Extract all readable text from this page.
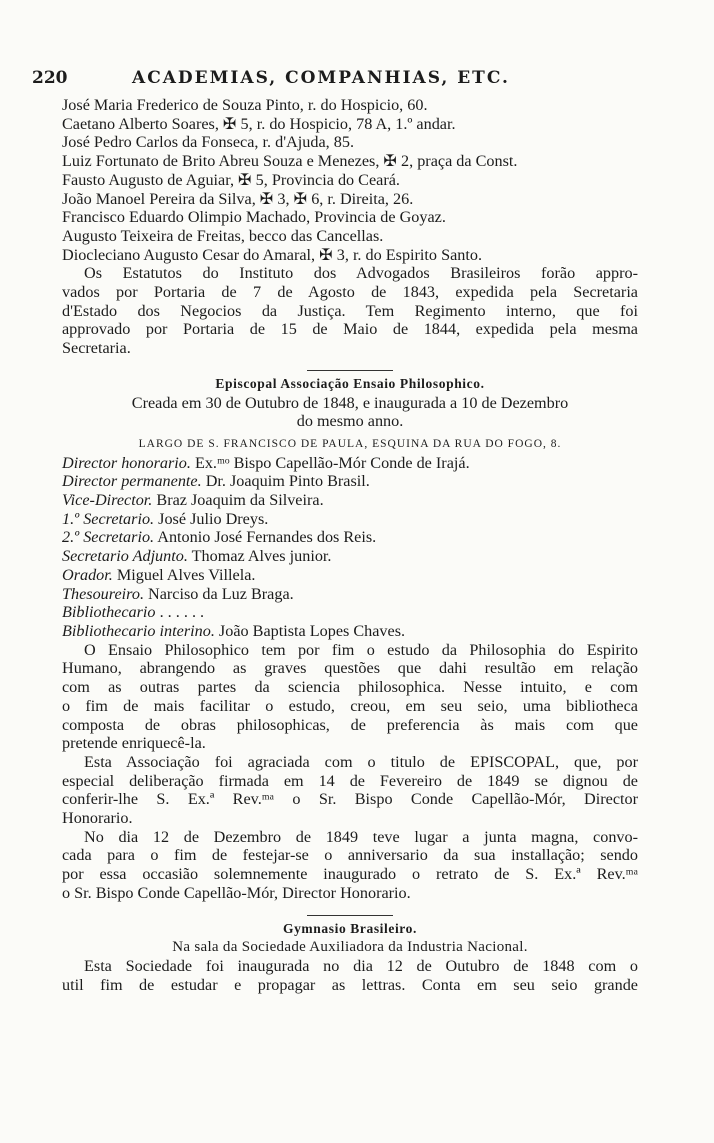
220	ACADEMIAS, COMPANHIAS, ETC.
José Maria Frederico de Souza Pinto, r. do Hospicio, 60.
Caetano Alberto Soares, ✠ 5, r. do Hospicio, 78 A, 1.º andar.
José Pedro Carlos da Fonseca, r. d'Ajuda, 85.
Luiz Fortunato de Brito Abreu Souza e Menezes, ✠ 2, praça da Const.
Fausto Augusto de Aguiar, ✠ 5, Provincia do Ceará.
João Manoel Pereira da Silva, ✠ 3, ✠ 6, r. Direita, 26.
Francisco Eduardo Olimpio Machado, Provincia de Goyaz.
Augusto Teixeira de Freitas, becco das Cancellas.
Diocleciano Augusto Cesar do Amaral, ✠ 3, r. do Espirito Santo.
Os Estatutos do Instituto dos Advogados Brasileiros forão appro-
vados por Portaria de 7 de Agosto de 1843, expedida pela Secretaria
d'Estado dos Negocios da Justiça. Tem Regimento interno, que foi
approvado por Portaria de 15 de Maio de 1844, expedida pela mesma
Secretaria.
Episcopal Associação Ensaio Philosophico.
Creada em 30 de Outubro de 1848, e inaugurada a 10 de Dezembro
do mesmo anno.
LARGO DE S. FRANCISCO DE PAULA, ESQUINA DA RUA DO FOGO, 8.
Director honorario. Ex.ᵐᵒ Bispo Capellão-Mór Conde de Irajá.
Director permanente. Dr. Joaquim Pinto Brasil.
Vice-Director. Braz Joaquim da Silveira.
1.º Secretario. José Julio Dreys.
2.º Secretario. Antonio José Fernandes dos Reis.
Secretario Adjunto. Thomaz Alves junior.
Orador. Miguel Alves Villela.
Thesoureiro. Narciso da Luz Braga.
Bibliothecario . . . . . .
Bibliothecario interino. João Baptista Lopes Chaves.
O Ensaio Philosophico tem por fim o estudo da Philosophia do Espirito
Humano, abrangendo as graves questões que dahi resultão em relação
com as outras partes da sciencia philosophica. Nesse intuito, e com
o fim de mais facilitar o estudo, creou, em seu seio, uma bibliotheca
composta de obras philosophicas, de preferencia às mais com que
pretende enriquecê-la.
Esta Associação foi agraciada com o titulo de EPISCOPAL, que, por
especial deliberação firmada em 14 de Fevereiro de 1849 se dignou de
conferir-lhe S. Ex.ª Rev.ᵐᵃ o Sr. Bispo Conde Capellão-Mór, Director
Honorario.
No dia 12 de Dezembro de 1849 teve lugar a junta magna, convo-
cada para o fim de festejar-se o anniversario da sua installação; sendo
por essa occasião solemnemente inaugurado o retrato de S. Ex.ª Rev.ᵐᵃ
o Sr. Bispo Conde Capellão-Mór, Director Honorario.
Gymnasio Brasileiro.
Na sala da Sociedade Auxiliadora da Industria Nacional.
Esta Sociedade foi inaugurada no dia 12 de Outubro de 1848 com o
util fim de estudar e propagar as lettras. Conta em seu seio grande
